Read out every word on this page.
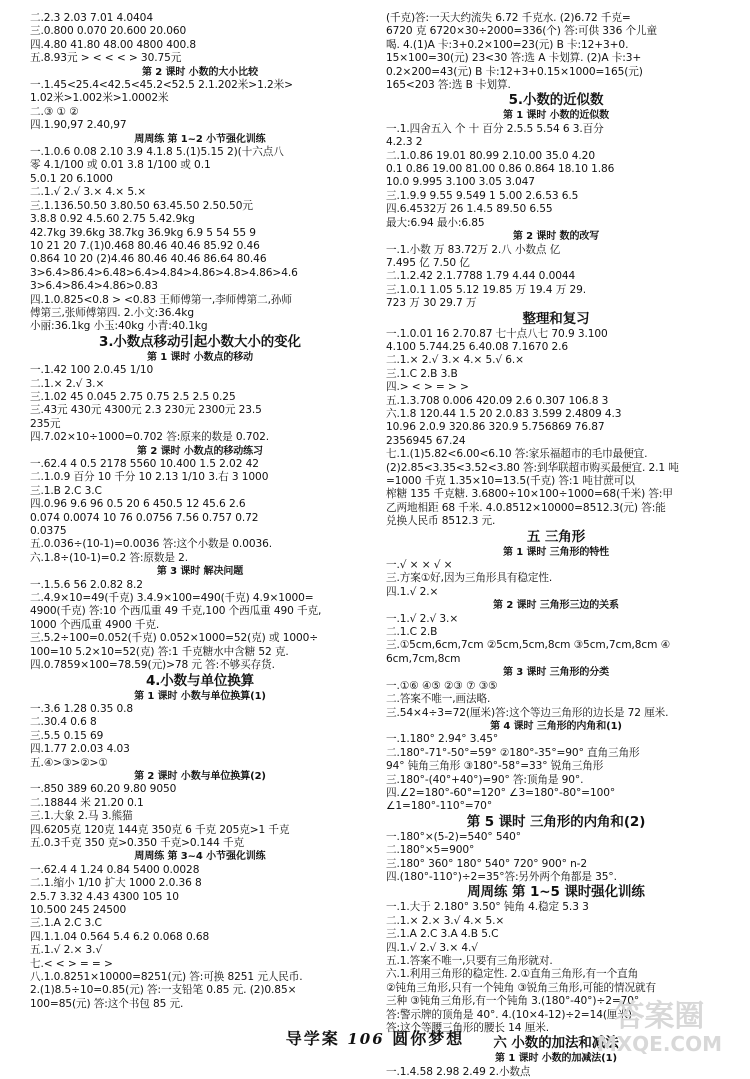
二.2.3 2.03 7.01 4.0404
三.0.800 0.070 20.600 20.060
四.4.80 41.80 48.00 4800 400.8
五.8.93元 > < < < > 30.75元
第 2 课时 小数的大小比较
一.1.45<25.4<42.5<45.2<52.5 2.1.202米>1.2米>
1.02米>1.002米>1.0002米
二.③ ① ②
四.1.90,97 2.40,97
周周练 第 1~2 小节强化训练
一.1.0.6 0.08 2.10 3.9 4.1.8 5.(1)5.15 2)(十六点八
零 4.1/100 或 0.01 3.8 1/100 或 0.1
5.0.1 20 6.1000
二.1.√ 2.√ 3.× 4.× 5.×
三.1.136.50.50 3.80.50 63.45.50 2.50.50元
3.8.8 0.92 4.5.60 2.75 5.42.9kg
42.7kg 39.6kg 38.7kg 36.9kg 6.9 5 54 55 9
10 21 20 7.(1)0.468 80.46 40.46 85.92 0.46
0.864 10 20 (2)4.46 80.46 40.46 86.64 80.46
3>6.4>86.4>6.48>6.4>4.84>4.86>4.8>4.86>4.6
3>6.4>86.4>4.86>0.83
四.1.0.825<0.8 > <0.83 王师傅第一,李师傅第二,孙师
傅第三,张师傅第四. 2.小文:36.4kg
小丽:36.1kg 小玉:40kg 小青:40.1kg
3.小数点移动引起小数大小的变化
第 1 课时 小数点的移动
一.1.42 100 2.0.45 1/10
二.1.× 2.√ 3.×
三.1.02 45 0.045 2.75 0.75 2.5 2.5 0.25
三.43元 430元 4300元 2.3 230元 2300元 23.5
235元
四.7.02×10÷1000=0.702 答:原来的数是 0.702.
第 2 课时 小数点的移动练习
一.62.4 4 0.5 2178 5560 10.400 1.5 2.02 42
二.1.0.9 百分 10 千分 10 2.13 1/10 3.右 3 1000
三.1.B 2.C 3.C
四.0.96 9.6 96 0.5 20 6 450.5 12 45.6 2.6
0.074 0.0074 10 76 0.0756 7.56 0.757 0.72
0.0375
五.0.036÷(10-1)=0.0036 答:这个小数是 0.0036.
六.1.8÷(10-1)=0.2 答:原数是 2.
第 3 课时 解决问题
一.1.5.6 56 2.0.82 8.2
二.4.9×10=49(千克) 3.4.9×100=490(千克) 4.9×1000=
4900(千克) 答:10 个西瓜重 49 千克,100 个西瓜重 490 千克,
1000 个西瓜重 4900 千克.
三.5.2÷100=0.052(千克) 0.052×1000=52(克) 或 1000÷
100=10 5.2×10=52(克) 答:1 千克糖水中含糖 52 克.
四.0.7859×100=78.59(元)>78 元 答:不够买存货.
4.小数与单位换算
第 1 课时 小数与单位换算(1)
一.3.6 1.28 0.35 0.8
二.30.4 0.6 8
三.5.5 0.15 69
四.1.77 2.0.03 4.03
五.④>③>②>①
第 2 课时 小数与单位换算(2)
一.850 389 60.20 9.80 9050
二.18844 米 21.20 0.1
三.1.大象 2.马 3.熊猫
四.6205克 120克 144克 350克 6 千克 205克>1 千克
五.0.3千克 350 克>0.350 千克>0.144 千克
周周练 第 3~4 小节强化训练
一.62.4 4 1.24 0.84 5400 0.0028
二.1.缩小 1/10 扩大 1000 2.0.36 8
2.5.7 3.32 4.43 4300 105 10
10.500 245 24500
三.1.A 2.C 3.C
四.1.1.04 0.564 5.4 6.2 0.068 0.68
五.1.√ 2.× 3.√
七.< < > = = >
八.1.0.8251×10000=8251(元) 答:可换 8251 元人民币.
2.(1)8.5÷10=0.85(元) 答:一支铅笔 0.85 元. (2)0.85×
100=85(元) 答:这个书包 85 元.
(千克)答:一天大约流失 6.72 千克水. (2)6.72 千克=
6720 克 6720×30÷2000=336(个) 答:可供 336 个儿童
喝. 4.(1)A 卡:3+0.2×100=23(元) B 卡:12+3+0.
15×100=30(元) 23<30 答:选 A 卡划算. (2)A 卡:3+
0.2×200=43(元) B 卡:12+3+0.15×1000=165(元)
165<203 答:选 B 卡划算.
5.小数的近似数
第 1 课时 小数的近似数
一.1.四舍五入 个 十 百分 2.5.5 5.54 6 3.百分
4.2.3 2
二.1.0.86 19.01 80.99 2.10.00 35.0 4.20
0.1 0.86 19.00 81.00 0.86 0.864 18.10 1.86
10.0 9.995 3.100 3.05 3.047
三.1.9.9 9.55 9.549 1 5.00 2.6.53 6.5
四.6.4532万 26 1.4.5 89.50 6.55
最大:6.94 最小:6.85
第 2 课时 数的改写
一.1.小数 万 83.72万 2.八 小数点 亿
7.495 亿 7.50 亿
二.1.2.42 2.1.7788 1.79 4.44 0.0044
三.1.0.1 1.05 5.12 19.85 万 19.4 万 29.
723 万 30 29.7 万
整理和复习
一.1.0.01 16 2.70.87 七十点八七 70.9 3.100
4.100 5.744.25 6.40.08 7.1670 2.6
二.1.× 2.√ 3.× 4.× 5.√ 6.×
三.1.C 2.B 3.B
四.> < > = > >
五.1.3.708 0.006 420.09 2.6 0.307 106.8 3
六.1.8 120.44 1.5 20 2.0.83 3.599 2.4809 4.3
10.96 2.0.9 320.86 320.9 5.756869 76.87
2356945 67.24
七.1.(1)5.82<6.00<6.10 答:家乐福超市的毛巾最便宜.
(2)2.85<3.35<3.52<3.80 答:到华联超市购买最便宜. 2.1 吨
=1000 千克 1.35×10=13.5(千克) 答:1 吨甘蔗可以
榨糖 135 千克糖. 3.6800÷10×100÷1000=68(千米) 答:甲
乙两地相距 68 千米. 4.0.8512×10000=8512.3(元) 答:能
兑换人民币 8512.3 元.
五 三角形
第 1 课时 三角形的特性
一.√ × × √ ×
三.方案①好,因为三角形具有稳定性.
四.1.√ 2.×
第 2 课时 三角形三边的关系
一.1.√ 2.√ 3.×
二.1.C 2.B
三.①5cm,6cm,7cm ②5cm,5cm,8cm ③5cm,7cm,8cm ④
6cm,7cm,8cm
第 3 课时 三角形的分类
一.①⑥ ④⑤ ②③ ⑦ ③⑤
二.答案不唯一,画法略.
三.54×4÷3=72(厘米)答:这个等边三角形的边长是 72 厘米.
第 4 课时 三角形的内角和(1)
一.1.180° 2.94° 3.45°
二.180°-71°-50°=59° ②180°-35°=90° 直角三角形
94° 钝角三角形 ③180°-58°=33° 锐角三角形
三.180°-(40°+40°)=90° 答:顶角是 90°.
四.∠2=180°-60°=120° ∠3=180°-80°=100°
∠1=180°-110°=70°
第 5 课时 三角形的内角和(2)
一.180°×(5-2)=540° 540°
二.180°×5=900°
三.180° 360° 180° 540° 720° 900° n-2
四.(180°-110°)÷2=35°答:另外两个角都是 35°.
周周练 第 1~5 课时强化训练
一.1.大于 2.180° 3.50° 钝角 4.稳定 5.3 3
二.1.× 2.× 3.√ 4.× 5.×
三.1.A 2.C 3.A 4.B 5.C
四.1.√ 2.√ 3.× 4.√
五.1.答案不唯一,只要有三角形就对.
六.1.利用三角形的稳定性. 2.①直角三角形,有一个直角
②钝角三角形,只有一个钝角 ③锐角三角形,可能的情况就有
三种 ③钝角三角形,有一个钝角 3.(180°-40°)÷2=70°
答:警示牌的顶角是 40°. 4.(10×4-12)÷2=14(厘米)
答:这个等腰三角形的腰长 14 厘米.
六 小数的加法和减法
第 1 课时 小数的加减法(1)
一.1.4.58 2.98 2.49 2.小数点
导学案 106 圆你梦想
答案圈
MXQE.COM
